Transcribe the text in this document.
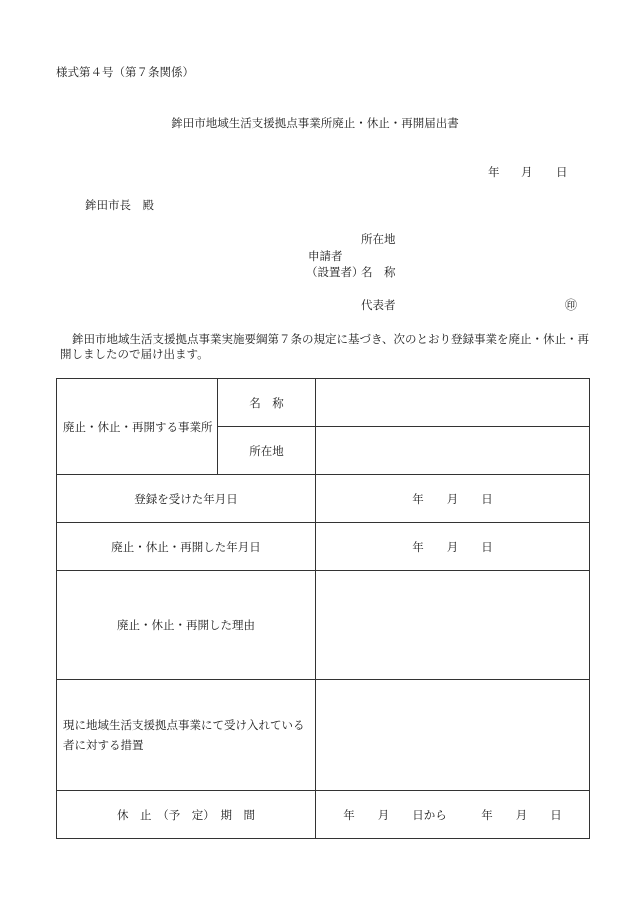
様式第４号（第７条関係）
鉾田市地域生活支援拠点事業所廃止・休止・再開届出書
年 月 日
鉾田市長　殿
所在地
申請者
（設置者）
名　称
代表者	㊞
鉾田市地域生活支援拠点事業実施要綱第７条の規定に基づき、次のとおり登録事業を廃止・休止・再
開しましたので届け出ます。
廃止・休止・再開する事業所	名　称	
	所在地	
登録を受けた年月日		年　　月　　日
廃止・休止・再開した年月日		年　　月　　日
廃止・休止・再開した理由		

現に地域生活支援拠点事業にて受け入れている
者に対する措置		

休　止　（予　定）　期　間		年　　月　　日から　　　年　　月　　日
